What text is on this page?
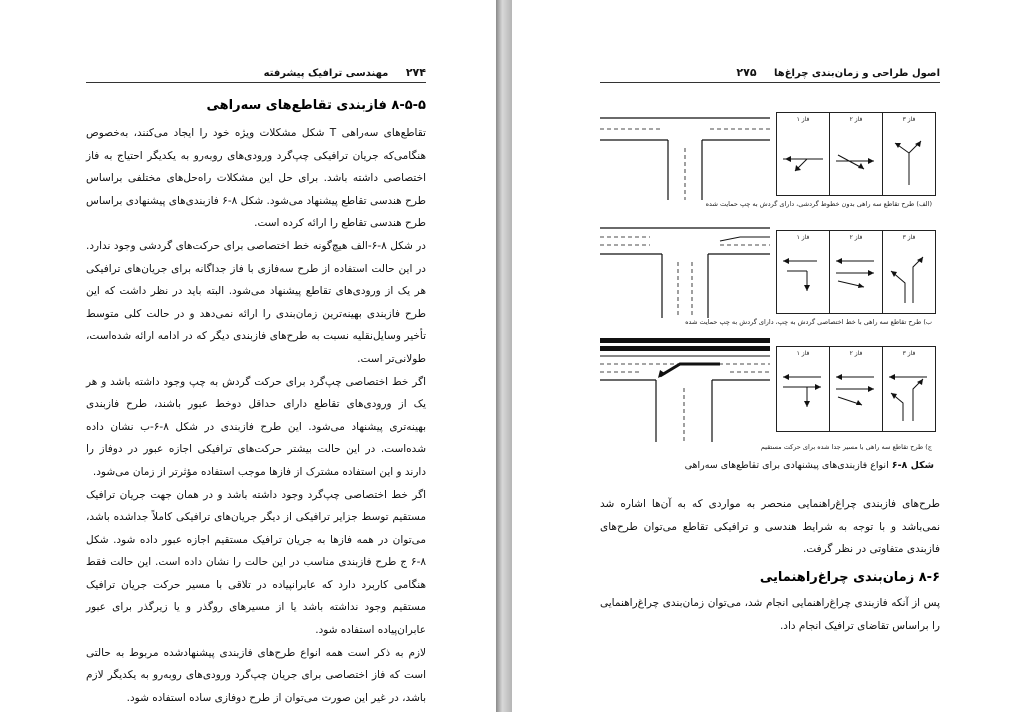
۲۷۴ مهندسی ترافیک پیشرفته
۸-۵-۵ فازبندی تقاطع‌های سه‌راهی

تقاطع‌های سه‌راهی T شکل مشکلات ویژه خود را ایجاد می‌کنند، به‌خصوص هنگامی‌که جریان ترافیکی چپ‌گرد ورودی‌های روبه‌رو به یکدیگر احتیاج به فاز اختصاصی داشته باشد. برای حل این مشکلات راه‌حل‌های مختلفی براساس طرح هندسی تقاطع پیشنهاد می‌شود. شکل ۸-۶ فازبندی‌های پیشنهادی براساس طرح هندسی تقاطع را ارائه کرده است.

در شکل ۸-۶-الف هیچ‌گونه خط اختصاصی برای حرکت‌های گردشی وجود ندارد. در این حالت استفاده از طرح سه‌فازی با فاز جداگانه برای جریان‌های ترافیکی هر یک از ورودی‌های تقاطع پیشنهاد می‌شود. البته باید در نظر داشت که این طرح فازبندی بهینه‌ترین زمان‌بندی را ارائه نمی‌دهد و در حالت کلی متوسط تأخیر وسایل‌نقلیه نسبت به طرح‌های فازبندی دیگر که در ادامه ارائه شده‌است، طولانی‌تر است.

اگر خط اختصاصی چپ‌گرد برای حرکت گردش به چپ وجود داشته باشد و هر یک از ورودی‌های تقاطع دارای حداقل دوخط عبور باشند، طرح فازبندی بهینه‌تری پیشنهاد می‌شود. این طرح فازبندی در شکل ۸-۶-ب نشان داده شده‌است. در این حالت بیشتر حرکت‌های ترافیکی اجازه عبور در دوفاز را دارند و این استفاده مشترک از فازها موجب استفاده مؤثرتر از زمان می‌شود.

اگر خط اختصاصی چپ‌گرد وجود داشته باشد و در همان جهت جریان ترافیک مستقیم توسط جزایر ترافیکی از دیگر جریان‌های ترافیکی کاملاً جداشده باشد، می‌توان در همه فازها به جریان ترافیک مستقیم اجازه عبور داده شود. شکل ۸-۶ ج طرح فازبندی مناسب در این حالت را نشان داده است. این حالت فقط هنگامی کاربرد دارد که عابرانپیاده در تلاقی با مسیر حرکت جریان ترافیک مستقیم وجود نداشته باشد یا از مسیرهای روگذر و یا زیرگذر برای عبور عابران‌پیاده استفاده شود.

لازم به ذکر است همه انواع طرح‌های فازبندی پیشنهادشده مربوط به حالتی است که فاز اختصاصی برای جریان چپ‌گرد ورودی‌های روبه‌رو به یکدیگر لازم باشد، در غیر این صورت می‌توان از طرح دوفازی ساده استفاده شود.

اصول طراحی و زمان‌بندی چراغ‌ها ۲۷۵
فاز ۱	فاز ۲	فاز ۳
(الف) طرح تقاطع سه راهی بدون خطوط گردشی، دارای گردش به چپ حمایت شده
فاز ۱	فاز ۲	فاز ۳
ب) طرح تقاطع سه راهی با خط اختصاصی گردش به چپ، دارای گردش به چپ حمایت شده
فاز ۱	فاز ۲	فاز ۳
ج) طرح تقاطع سه راهی با مسیر جدا شده برای حرکت مستقیم
شکل ۸-۶ انواع فازبندی‌های پیشنهادی برای تقاطع‌های سه‌راهی
طرح‌های فازبندی چراغ‌راهنمایی منحصر به مواردی که به آن‌ها اشاره شد نمی‌باشد و با توجه به شرایط هندسی و ترافیکی تقاطع می‌توان طرح‌های فازبندی متفاوتی در نظر گرفت.
۸-۶ زمان‌بندی چراغ‌راهنمایی
پس از آنکه فازبندی چراغ‌راهنمایی انجام شد، می‌توان زمان‌بندی چراغ‌راهنمایی را براساس تقاضای ترافیک انجام داد.
